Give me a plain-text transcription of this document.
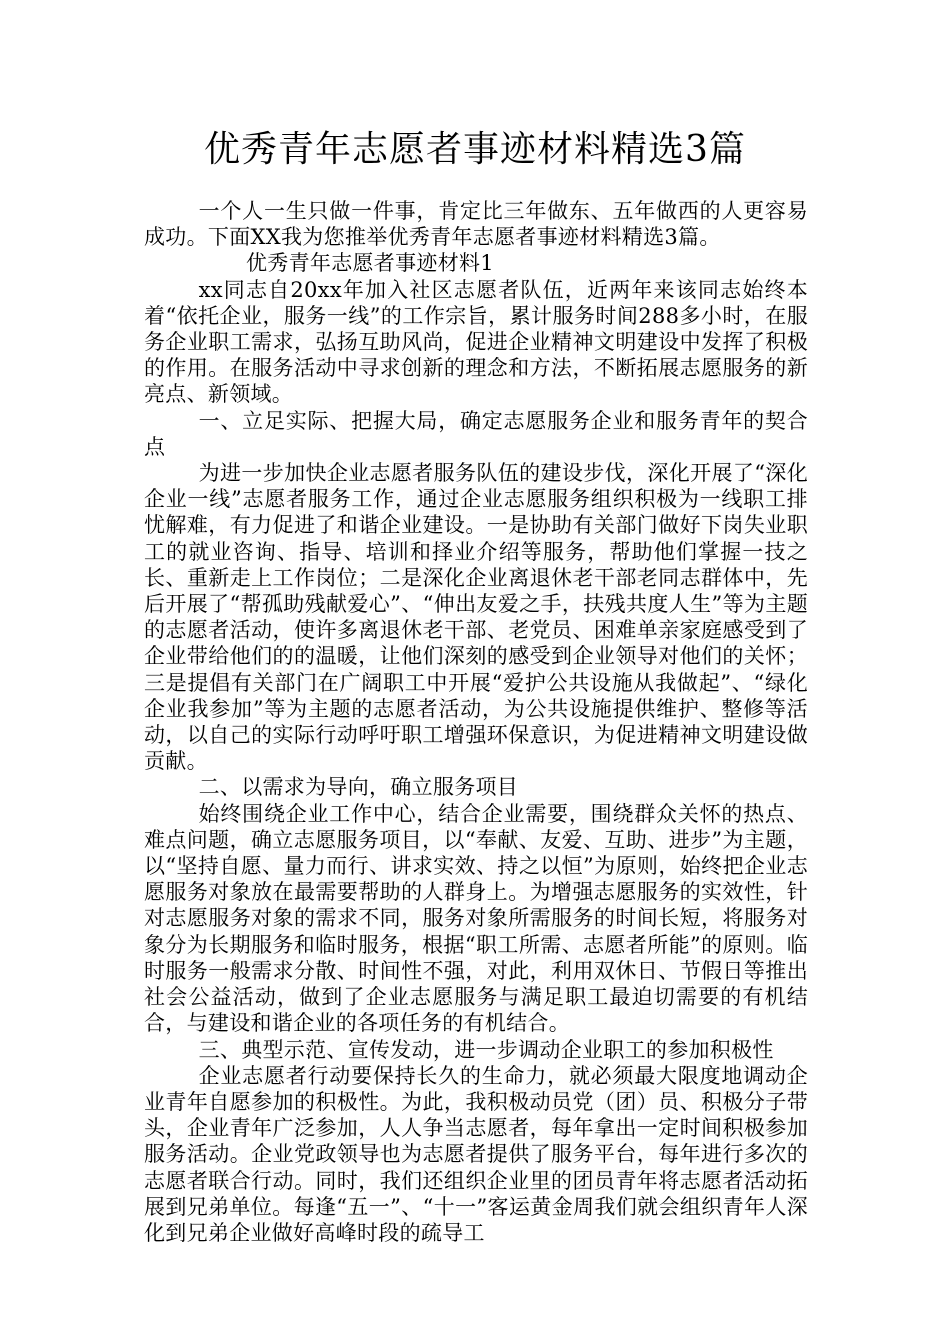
优秀青年志愿者事迹材料精选3篇

一个人一生只做一件事，肯定比三年做东、五年做西的人更容易成功。下面XX我为您推举优秀青年志愿者事迹材料精选3篇。

优秀青年志愿者事迹材料1

xx同志自20xx年加入社区志愿者队伍，近两年来该同志始终本着“依托企业，服务一线”的工作宗旨，累计服务时间288多小时，在服务企业职工需求，弘扬互助风尚，促进企业精神文明建设中发挥了积极的作用。在服务活动中寻求创新的理念和方法，不断拓展志愿服务的新亮点、新领域。

一、立足实际、把握大局，确定志愿服务企业和服务青年的契合点

为进一步加快企业志愿者服务队伍的建设步伐，深化开展了“深化企业一线”志愿者服务工作，通过企业志愿服务组织积极为一线职工排忧解难，有力促进了和谐企业建设。一是协助有关部门做好下岗失业职工的就业咨询、指导、培训和择业介绍等服务，帮助他们掌握一技之长、重新走上工作岗位；二是深化企业离退休老干部老同志群体中，先后开展了“帮孤助残献爱心”、“伸出友爱之手，扶残共度人生”等为主题的志愿者活动，使许多离退休老干部、老党员、困难单亲家庭感受到了企业带给他们的的温暖，让他们深刻的感受到企业领导对他们的关怀；三是提倡有关部门在广阔职工中开展“爱护公共设施从我做起”、“绿化企业我参加”等为主题的志愿者活动，为公共设施提供维护、整修等活动，以自己的实际行动呼吁职工增强环保意识，为促进精神文明建设做贡献。

二、以需求为导向，确立服务项目

始终围绕企业工作中心，结合企业需要，围绕群众关怀的热点、难点问题，确立志愿服务项目，以“奉献、友爱、互助、进步”为主题，以“坚持自愿、量力而行、讲求实效、持之以恒”为原则，始终把企业志愿服务对象放在最需要帮助的人群身上。为增强志愿服务的实效性，针对志愿服务对象的需求不同，服务对象所需服务的时间长短，将服务对象分为长期服务和临时服务，根据“职工所需、志愿者所能”的原则。临时服务一般需求分散、时间性不强，对此，利用双休日、节假日等推出社会公益活动，做到了企业志愿服务与满足职工最迫切需要的有机结合，与建设和谐企业的各项任务的有机结合。

三、典型示范、宣传发动，进一步调动企业职工的参加积极性

企业志愿者行动要保持长久的生命力，就必须最大限度地调动企业青年自愿参加的积极性。为此，我积极动员党（团）员、积极分子带头，企业青年广泛参加，人人争当志愿者，每年拿出一定时间积极参加服务活动。企业党政领导也为志愿者提供了服务平台，每年进行多次的志愿者联合行动。同时，我们还组织企业里的团员青年将志愿者活动拓展到兄弟单位。每逢“五一”、“十一”客运黄金周我们就会组织青年人深化到兄弟企业做好高峰时段的疏导工
